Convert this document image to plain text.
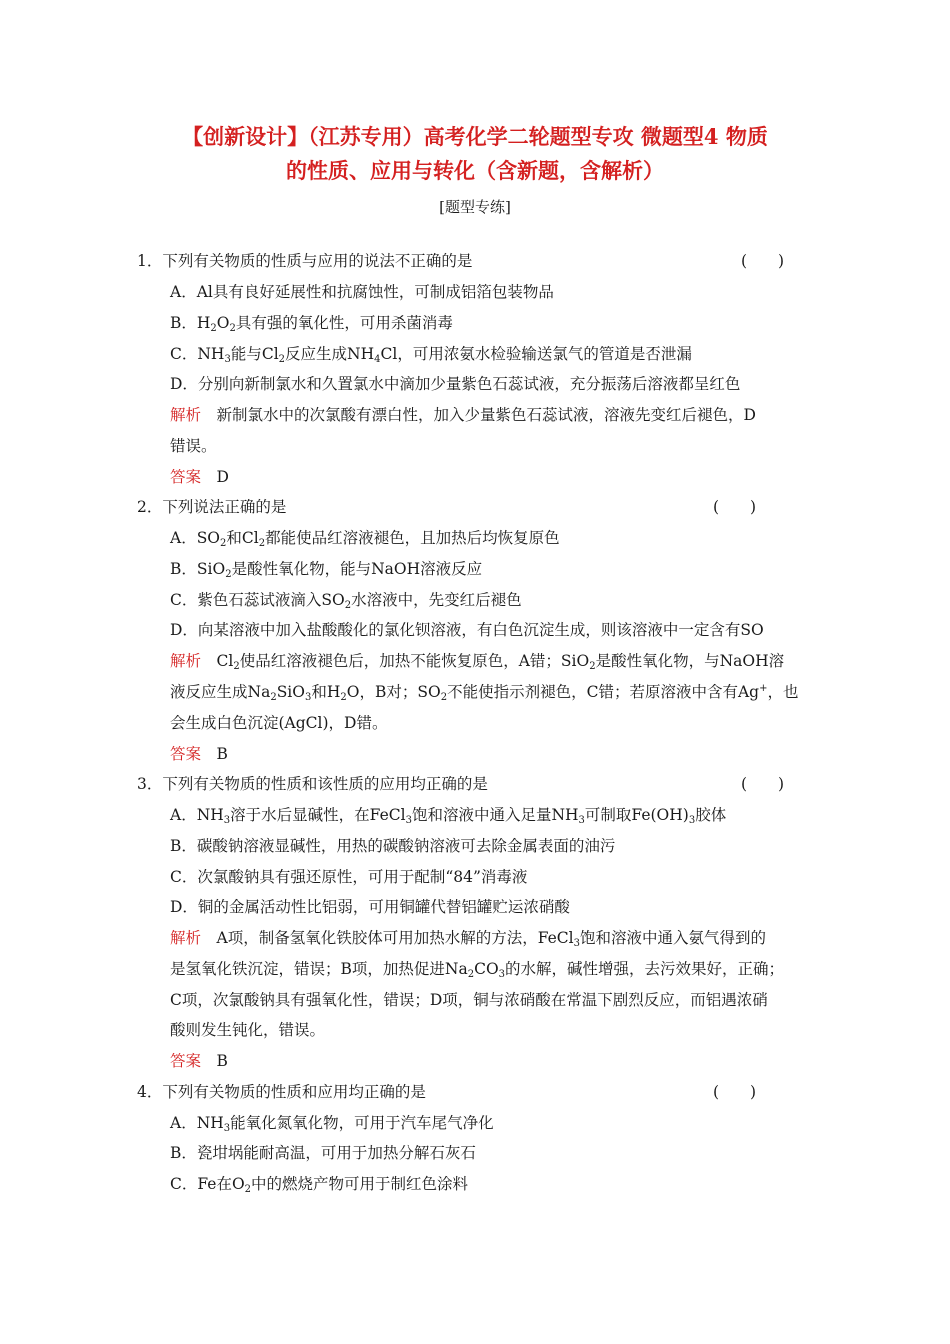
【创新设计】（江苏专用）高考化学二轮题型专攻 微题型4 物质
的性质、应用与转化（含新题，含解析）
[题型专练]
1．下列有关物质的性质与应用的说法不正确的是	(　　)
A．Al具有良好延展性和抗腐蚀性，可制成铝箔包装物品
B．$H_2O_2$具有强的氧化性，可用杀菌消毒
C．$NH_3$能与$Cl_2$反应生成$NH_4Cl$，可用浓氨水检验输送氯气的管道是否泄漏
D．分别向新制氯水和久置氯水中滴加少量紫色石蕊试液，充分振荡后溶液都呈红色
解析　新制氯水中的次氯酸有漂白性，加入少量紫色石蕊试液，溶液先变红后褪色，D
错误。
答案　D
2．下列说法正确的是	(　　)
A．$SO_2$和$Cl_2$都能使品红溶液褪色，且加热后均恢复原色
B．SiO$_2$是酸性氧化物，能与NaOH溶液反应
C．紫色石蕊试液滴入$SO_2$水溶液中，先变红后褪色
D．向某溶液中加入盐酸酸化的氯化钡溶液，有白色沉淀生成，则该溶液中一定含有SO
解析　$Cl_2$使品红溶液褪色后，加热不能恢复原色，A错；SiO$_2$是酸性氧化物，与NaOH溶
液反应生成$Na_2SiO_3$和$H_2O$，B对；$SO_2$不能使指示剂褪色，C错；若原溶液中含有Ag+，也
会生成白色沉淀(AgCl)，D错。
答案　B
3．下列有关物质的性质和该性质的应用均正确的是	(　　)
A．$NH_3$溶于水后显碱性，在FeCl$_3$饱和溶液中通入足量$NH_3$可制取$Fe(OH)_3$胶体
B．碳酸钠溶液显碱性，用热的碳酸钠溶液可去除金属表面的油污
C．次氯酸钠具有强还原性，可用于配制“84”消毒液
D．铜的金属活动性比铝弱，可用铜罐代替铝罐贮运浓硝酸
解析　A项，制备氢氧化铁胶体可用加热水解的方法，FeCl$_3$饱和溶液中通入氨气得到的
是氢氧化铁沉淀，错误；B项，加热促进$Na_2CO_3$的水解，碱性增强，去污效果好，正确；
C项，次氯酸钠具有强氧化性，错误；D项，铜与浓硝酸在常温下剧烈反应，而铝遇浓硝
酸则发生钝化，错误。
答案　B
4．下列有关物质的性质和应用均正确的是	(　　)
A．$NH_3$能氧化氮氧化物，可用于汽车尾气净化
B．瓷坩埚能耐高温，可用于加热分解石灰石
C．Fe在$O_2$中的燃烧产物可用于制红色涂料
